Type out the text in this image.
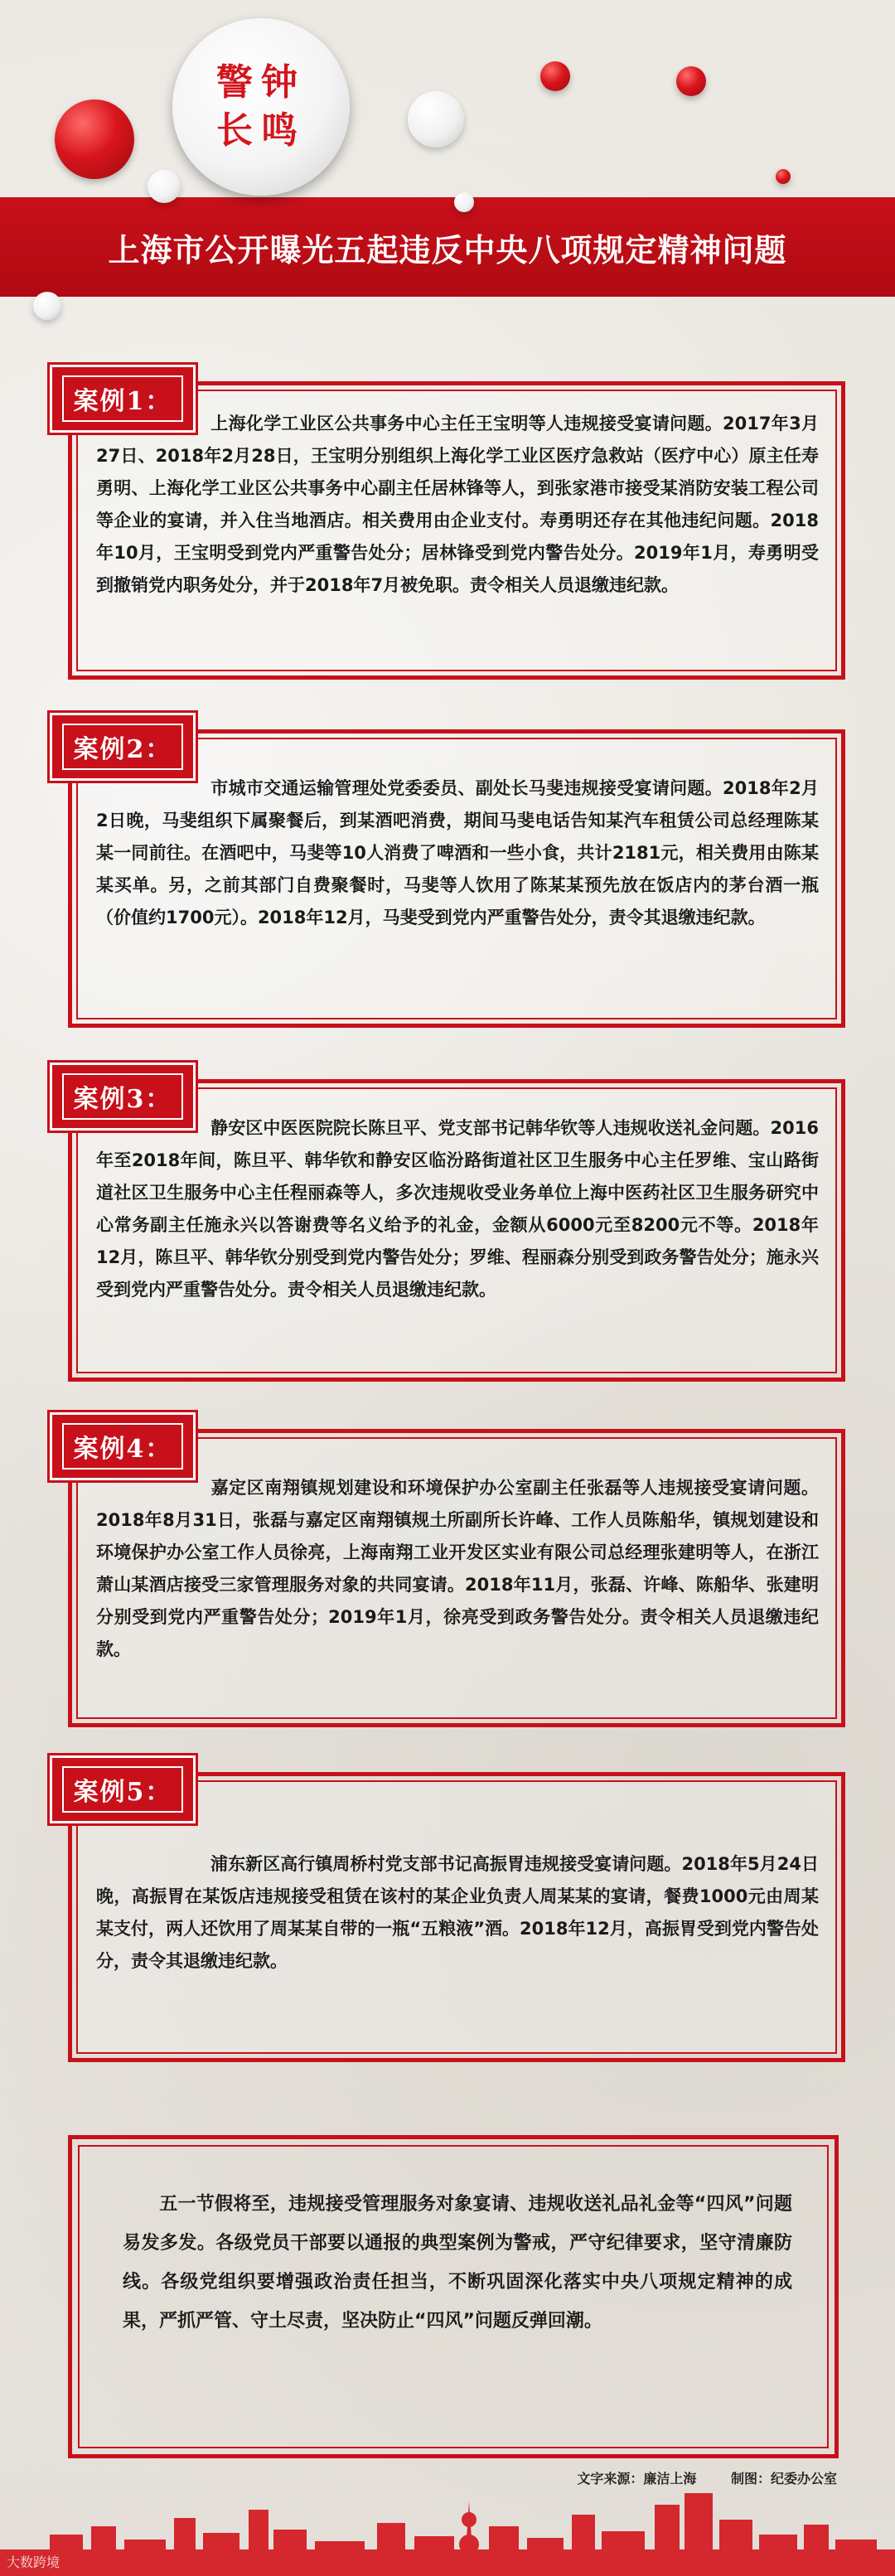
警钟
长鸣
上海市公开曝光五起违反中央八项规定精神问题
案例1：

上海化学工业区公共事务中心主任王宝明等人违规接受宴请问题。2017年3月27日、2018年2月28日，王宝明分别组织上海化学工业区医疗急救站（医疗中心）原主任寿勇明、上海化学工业区公共事务中心副主任居林锋等人，到张家港市接受某消防安装工程公司等企业的宴请，并入住当地酒店。相关费用由企业支付。寿勇明还存在其他违纪问题。2018年10月，王宝明受到党内严重警告处分；居林锋受到党内警告处分。2019年1月，寿勇明受到撤销党内职务处分，并于2018年7月被免职。责令相关人员退缴违纪款。

案例2：

市城市交通运输管理处党委委员、副处长马斐违规接受宴请问题。2018年2月2日晚，马斐组织下属聚餐后，到某酒吧消费，期间马斐电话告知某汽车租赁公司总经理陈某某一同前往。在酒吧中，马斐等10人消费了啤酒和一些小食，共计2181元，相关费用由陈某某买单。另，之前其部门自费聚餐时，马斐等人饮用了陈某某预先放在饭店内的茅台酒一瓶（价值约1700元）。2018年12月，马斐受到党内严重警告处分，责令其退缴违纪款。

案例3：

静安区中医医院院长陈旦平、党支部书记韩华钦等人违规收送礼金问题。2016年至2018年间，陈旦平、韩华钦和静安区临汾路街道社区卫生服务中心主任罗维、宝山路街道社区卫生服务中心主任程丽森等人，多次违规收受业务单位上海中医药社区卫生服务研究中心常务副主任施永兴以答谢费等名义给予的礼金，金额从6000元至8200元不等。2018年12月，陈旦平、韩华钦分别受到党内警告处分；罗维、程丽森分别受到政务警告处分；施永兴受到党内严重警告处分。责令相关人员退缴违纪款。

案例4：

嘉定区南翔镇规划建设和环境保护办公室副主任张磊等人违规接受宴请问题。2018年8月31日，张磊与嘉定区南翔镇规土所副所长许峰、工作人员陈船华，镇规划建设和环境保护办公室工作人员徐亮，上海南翔工业开发区实业有限公司总经理张建明等人，在浙江萧山某酒店接受三家管理服务对象的共同宴请。2018年11月，张磊、许峰、陈船华、张建明分别受到党内严重警告处分；2019年1月，徐亮受到政务警告处分。责令相关人员退缴违纪款。

案例5：

浦东新区高行镇周桥村党支部书记高振胃违规接受宴请问题。2018年5月24日晚，高振胃在某饭店违规接受租赁在该村的某企业负责人周某某的宴请，餐费1000元由周某某支付，两人还饮用了周某某自带的一瓶“五粮液”酒。2018年12月，高振胃受到党内警告处分，责令其退缴违纪款。

五一节假将至，违规接受管理服务对象宴请、违规收送礼品礼金等“四风”问题易发多发。各级党员干部要以通报的典型案例为警戒，严守纪律要求，坚守清廉防线。各级党组织要增强政治责任担当，不断巩固深化落实中央八项规定精神的成果，严抓严管、守土尽责，坚决防止“四风”问题反弹回潮。

文字来源：廉洁上海	制图：纪委办公室
大数跨境
